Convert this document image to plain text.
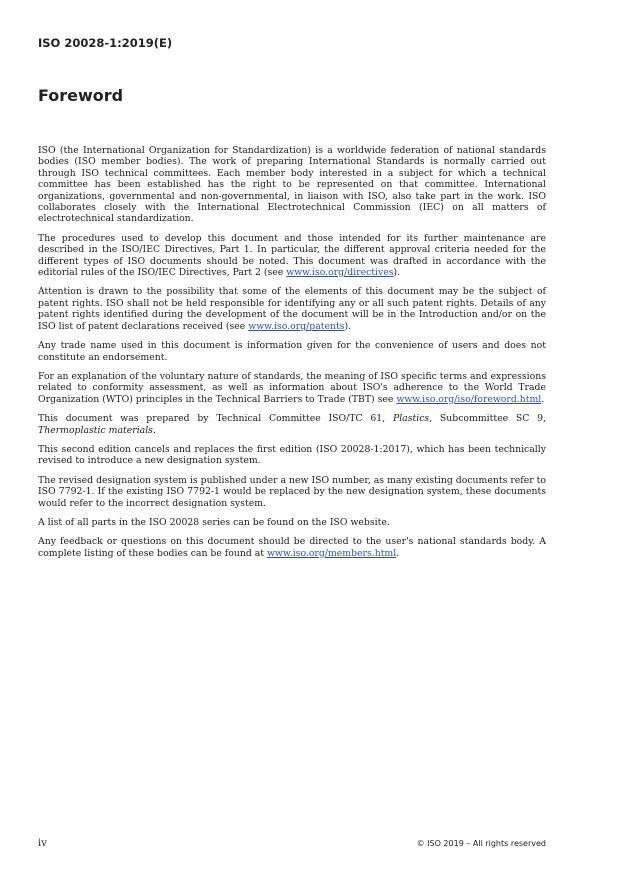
ISO 20028-1:2019(E)
Foreword

ISO (the International Organization for Standardization) is a worldwide federation of national standards bodies (ISO member bodies). The work of preparing International Standards is normally carried out through ISO technical committees. Each member body interested in a subject for which a technical committee has been established has the right to be represented on that committee. International organizations, governmental and non-governmental, in liaison with ISO, also take part in the work. ISO collaborates closely with the International Electrotechnical Commission (IEC) on all matters of electrotechnical standardization.

The procedures used to develop this document and those intended for its further maintenance are described in the ISO/IEC Directives, Part 1. In particular, the different approval criteria needed for the different types of ISO documents should be noted. This document was drafted in accordance with the editorial rules of the ISO/IEC Directives, Part 2 (see www.iso.org/directives).

Attention is drawn to the possibility that some of the elements of this document may be the subject of patent rights. ISO shall not be held responsible for identifying any or all such patent rights. Details of any patent rights identified during the development of the document will be in the Introduction and/or on the ISO list of patent declarations received (see www.iso.org/patents).

Any trade name used in this document is information given for the convenience of users and does not constitute an endorsement.

For an explanation of the voluntary nature of standards, the meaning of ISO specific terms and expressions related to conformity assessment, as well as information about ISO's adherence to the World Trade Organization (WTO) principles in the Technical Barriers to Trade (TBT) see www.iso.org/iso/foreword.html.

This document was prepared by Technical Committee ISO/TC 61, Plastics, Subcommittee SC 9, Thermoplastic materials.

This second edition cancels and replaces the first edition (ISO 20028-1:2017), which has been technically revised to introduce a new designation system.

The revised designation system is published under a new ISO number, as many existing documents refer to ISO 7792-1. If the existing ISO 7792-1 would be replaced by the new designation system, these documents would refer to the incorrect designation system.

A list of all parts in the ISO 20028 series can be found on the ISO website.

Any feedback or questions on this document should be directed to the user's national standards body. A complete listing of these bodies can be found at www.iso.org/members.html.

iv	© ISO 2019 – All rights reserved
